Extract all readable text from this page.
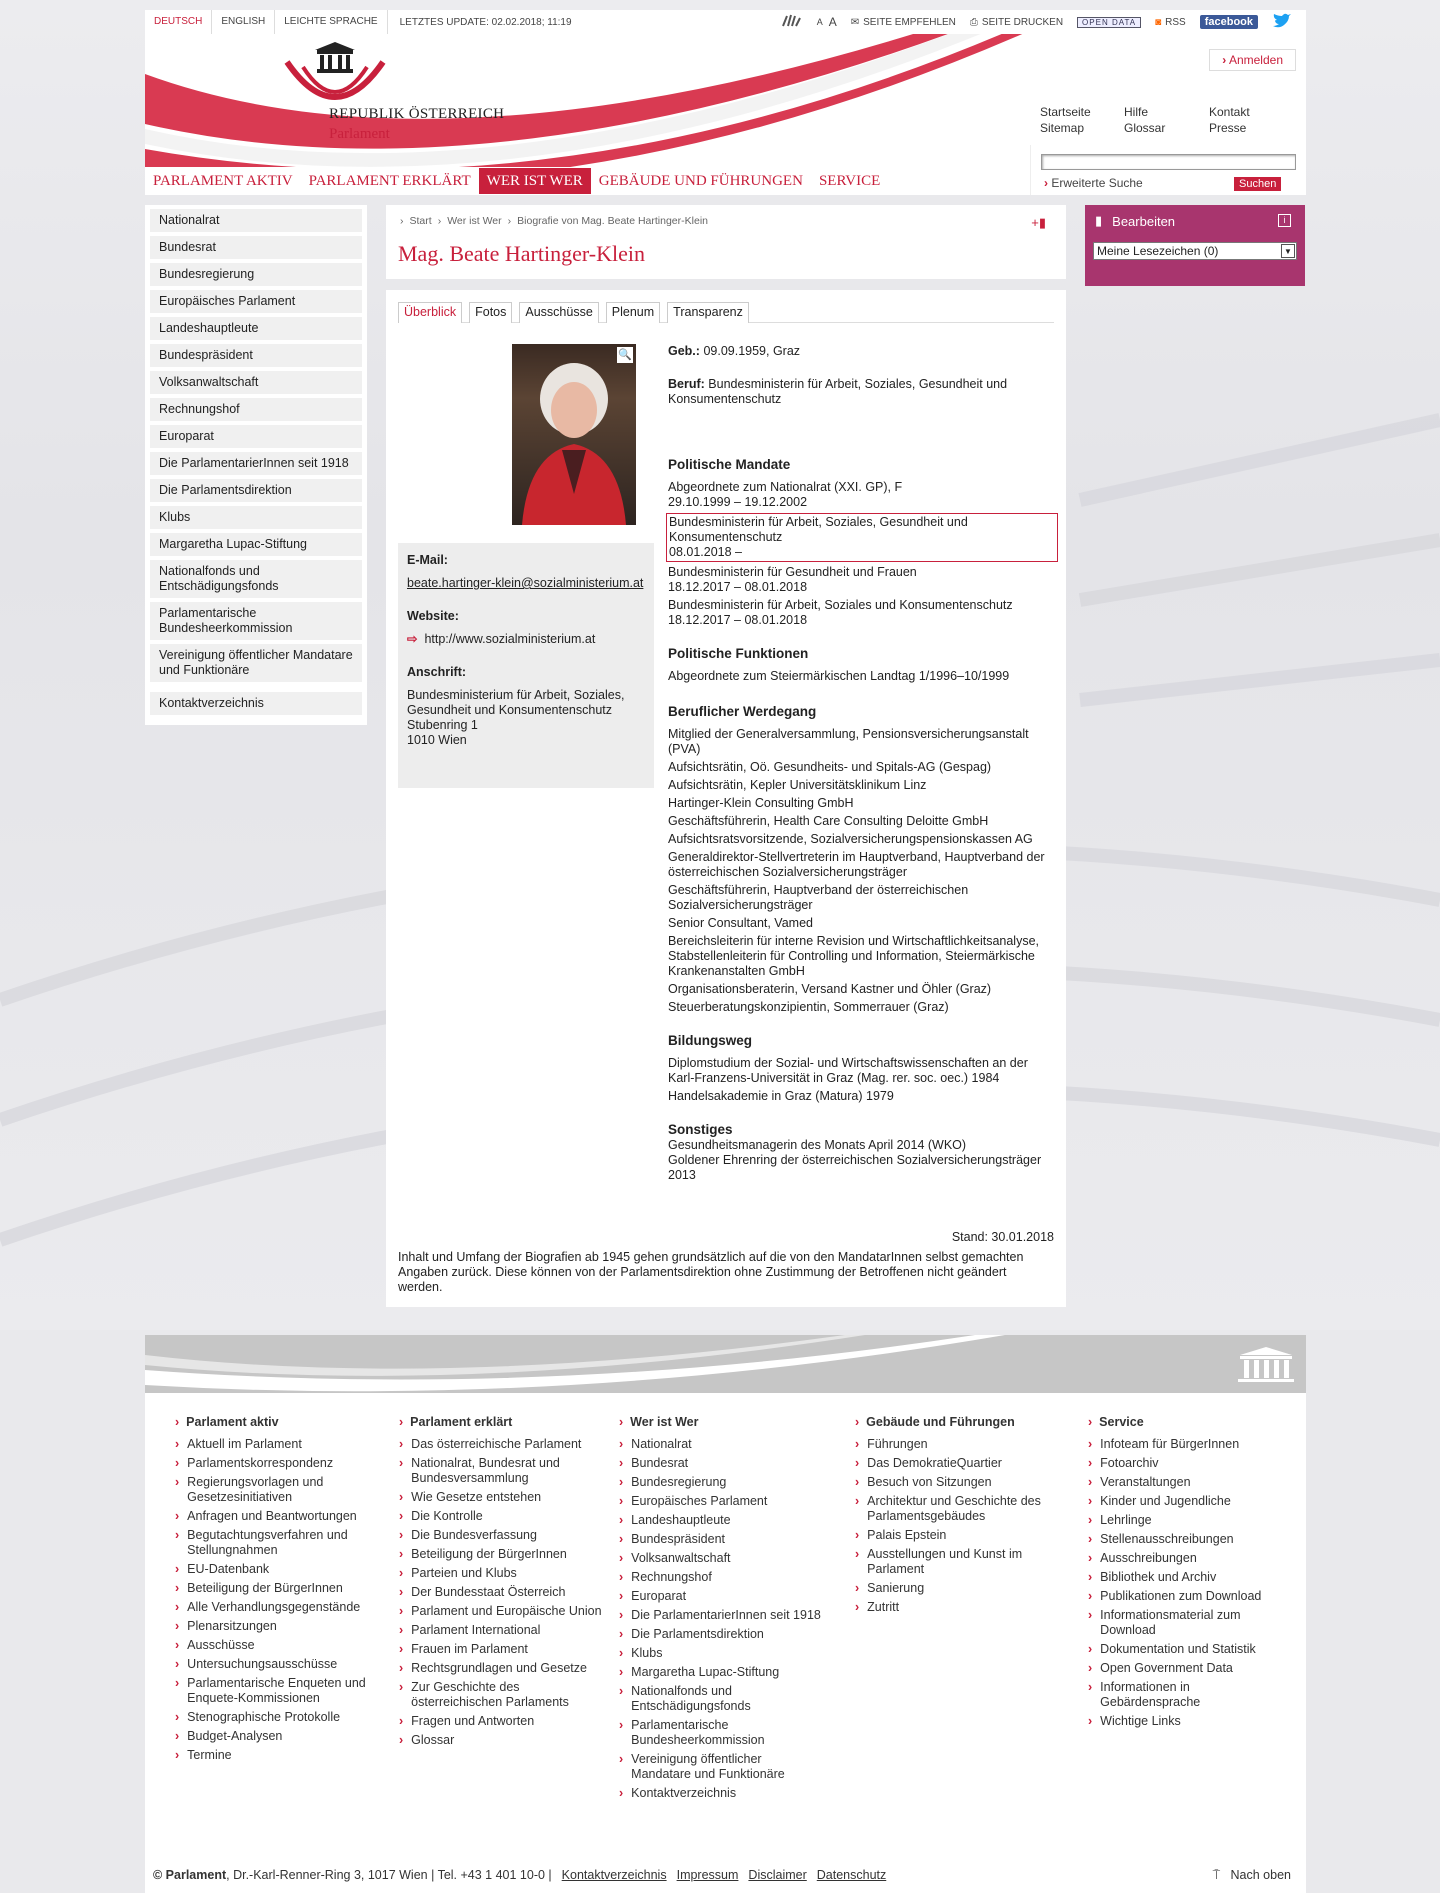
DEUTSCH	ENGLISH	LEICHTE SPRACHE	LETZTES UPDATE: 02.02.2018; 11:19	A A ✉ SEITE EMPFEHLEN ⎙ SEITE DRUCKEN	OPEN DATA	◙ RSS	facebook
REPUBLIK ÖSTERREICH
Parlament
› Anmelden
Startseite	Hilfe	Kontakt
Sitemap	Glossar	Presse
PARLAMENT AKTIV	PARLAMENT ERKLÄRT	WER IST WER	GEBÄUDE UND FÜHRUNGEN	SERVICE	› Erweiterte Suche	Suchen
Nationalrat
Bundesrat
Bundesregierung
Europäisches Parlament
Landeshauptleute
Bundespräsident
Volksanwaltschaft
Rechnungshof
Europarat
Die ParlamentarierInnen seit 1918
Die Parlamentsdirektion
Klubs
Margaretha Lupac-Stiftung
Nationalfonds und Entschädigungsfonds
Parlamentarische Bundesheerkommission
Vereinigung öffentlicher Mandatare und Funktionäre
Kontaktverzeichnis
› Start › Wer ist Wer › Biografie von Mag. Beate Hartinger-Klein	+▮
Mag. Beate Hartinger-Klein
Überblick	Fotos	Ausschüsse	Plenum	Transparenz
🔍
E-Mail:
beate.hartinger-klein@sozialministerium.at
Website:
⇨ http://www.sozialministerium.at
Anschrift:
Bundesministerium für Arbeit, Soziales, Gesundheit und Konsumentenschutz
Stubenring 1
1010 Wien
Geb.: 09.09.1959, Graz
Beruf: Bundesministerin für Arbeit, Soziales, Gesundheit und Konsumentenschutz
Politische Mandate
Abgeordnete zum Nationalrat (XXI. GP), F
29.10.1999 – 19.12.2002
Bundesministerin für Arbeit, Soziales, Gesundheit und Konsumentenschutz
08.01.2018 –
Bundesministerin für Gesundheit und Frauen
18.12.2017 – 08.01.2018
Bundesministerin für Arbeit, Soziales und Konsumentenschutz
18.12.2017 – 08.01.2018
Politische Funktionen
Abgeordnete zum Steiermärkischen Landtag 1/1996–10/1999
Beruflicher Werdegang
Mitglied der Generalversammlung, Pensionsversicherungsanstalt (PVA)
Aufsichtsrätin, Oö. Gesundheits- und Spitals-AG (Gespag)
Aufsichtsrätin, Kepler Universitätsklinikum Linz
Hartinger-Klein Consulting GmbH
Geschäftsführerin, Health Care Consulting Deloitte GmbH
Aufsichtsratsvorsitzende, Sozialversicherungspensionskassen AG
Generaldirektor-Stellvertreterin im Hauptverband, Hauptverband der österreichischen Sozialversicherungsträger
Geschäftsführerin, Hauptverband der österreichischen Sozialversicherungsträger
Senior Consultant, Vamed
Bereichsleiterin für interne Revision und Wirtschaftlichkeitsanalyse, Stabstellenleiterin für Controlling und Information, Steiermärkische Krankenanstalten GmbH
Organisationsberaterin, Versand Kastner und Öhler (Graz)
Steuerberatungskonzipientin, Sommerrauer (Graz)
Bildungsweg
Diplomstudium der Sozial- und Wirtschaftswissenschaften an der Karl-Franzens-Universität in Graz (Mag. rer. soc. oec.) 1984
Handelsakademie in Graz (Matura) 1979
Sonstiges
Gesundheitsmanagerin des Monats April 2014 (WKO)
Goldener Ehrenring der österreichischen Sozialversicherungsträger 2013
Stand: 30.01.2018
Inhalt und Umfang der Biografien ab 1945 gehen grundsätzlich auf die von den MandatarInnen selbst gemachten Angaben zurück. Diese können von der Parlamentsdirektion ohne Zustimmung der Betroffenen nicht geändert werden.
▮ Bearbeiten	i
Meine Lesezeichen (0)	▼
› Parlament aktiv
› Aktuell im Parlament
› Parlamentskorrespondenz
› Regierungsvorlagen und Gesetzesinitiativen
› Anfragen und Beantwortungen
› Begutachtungsverfahren und Stellungnahmen
› EU-Datenbank
› Beteiligung der BürgerInnen
› Alle Verhandlungsgegenstände
› Plenarsitzungen
› Ausschüsse
› Untersuchungsausschüsse
› Parlamentarische Enqueten und Enquete-Kommissionen
› Stenographische Protokolle
› Budget-Analysen
› Termine
› Parlament erklärt
› Das österreichische Parlament
› Nationalrat, Bundesrat und Bundesversammlung
› Wie Gesetze entstehen
› Die Kontrolle
› Die Bundesverfassung
› Beteiligung der BürgerInnen
› Parteien und Klubs
› Der Bundesstaat Österreich
› Parlament und Europäische Union
› Parlament International
› Frauen im Parlament
› Rechtsgrundlagen und Gesetze
› Zur Geschichte des österreichischen Parlaments
› Fragen und Antworten
› Glossar
› Wer ist Wer
› Nationalrat
› Bundesrat
› Bundesregierung
› Europäisches Parlament
› Landeshauptleute
› Bundespräsident
› Volksanwaltschaft
› Rechnungshof
› Europarat
› Die ParlamentarierInnen seit 1918
› Die Parlamentsdirektion
› Klubs
› Margaretha Lupac-Stiftung
› Nationalfonds und Entschädigungsfonds
› Parlamentarische Bundesheerkommission
› Vereinigung öffentlicher Mandatare und Funktionäre
› Kontaktverzeichnis
› Gebäude und Führungen
› Führungen
› Das DemokratieQuartier
› Besuch von Sitzungen
› Architektur und Geschichte des Parlamentsgebäudes
› Palais Epstein
› Ausstellungen und Kunst im Parlament
› Sanierung
› Zutritt
› Service
› Infoteam für BürgerInnen
› Fotoarchiv
› Veranstaltungen
› Kinder und Jugendliche
› Lehrlinge
› Stellenausschreibungen
› Ausschreibungen
› Bibliothek und Archiv
› Publikationen zum Download
› Informationsmaterial zum Download
› Dokumentation und Statistik
› Open Government Data
› Informationen in Gebärdensprache
› Wichtige Links
© Parlament, Dr.-Karl-Renner-Ring 3, 1017 Wien | Tel. +43 1 401 10-0 | Kontaktverzeichnis Impressum Disclaimer Datenschutz	⍑ Nach oben
